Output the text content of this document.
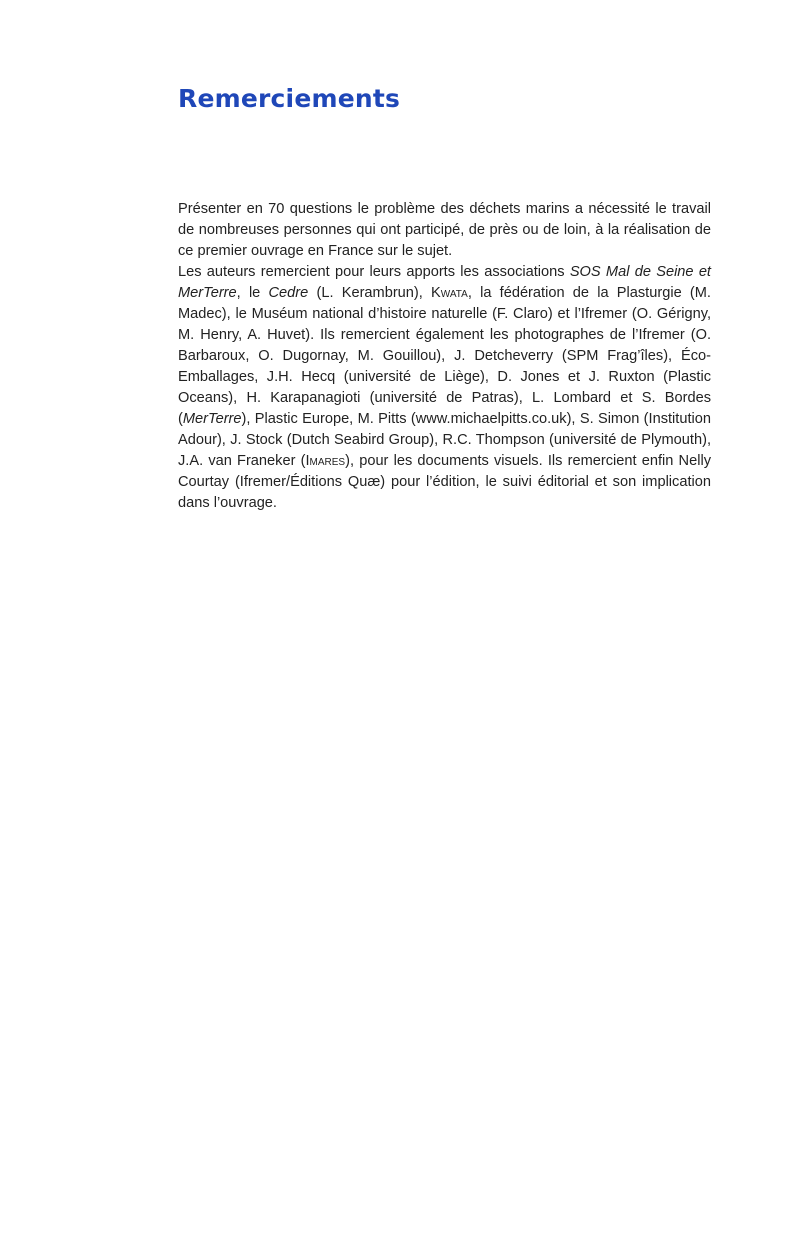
Remerciements

Présenter en 70 questions le problème des déchets marins a nécessité le travail de nombreuses personnes qui ont participé, de près ou de loin, à la réalisation de ce premier ouvrage en France sur le sujet.

Les auteurs remercient pour leurs apports les associations SOS Mal de Seine et MerTerre, le Cedre (L. Kerambrun), Kwata, la fédération de la Plasturgie (M. Madec), le Muséum national d’histoire naturelle (F. Claro) et l’Ifremer (O. Gérigny, M. Henry, A. Huvet). Ils remercient également les photographes de l’Ifremer (O. Barbaroux, O. Dugornay, M. Gouillou), J. Detcheverry (SPM Frag’îles), Éco-Emballages, J.H. Hecq (université de Liège), D. Jones et J. Ruxton (Plastic Oceans), H. Karapanagioti (université de Patras), L. Lombard et S. Bordes (MerTerre), Plastic Europe, M. Pitts (www.michaelpitts.co.uk), S. Simon (Institution Adour), J. Stock (Dutch Seabird Group), R.C. Thompson (université de Plymouth), J.A. van Franeker (Imares), pour les documents visuels. Ils remercient enfin Nelly Courtay (Ifremer/Éditions Quæ) pour l’édition, le suivi éditorial et son implication dans l’ouvrage.
